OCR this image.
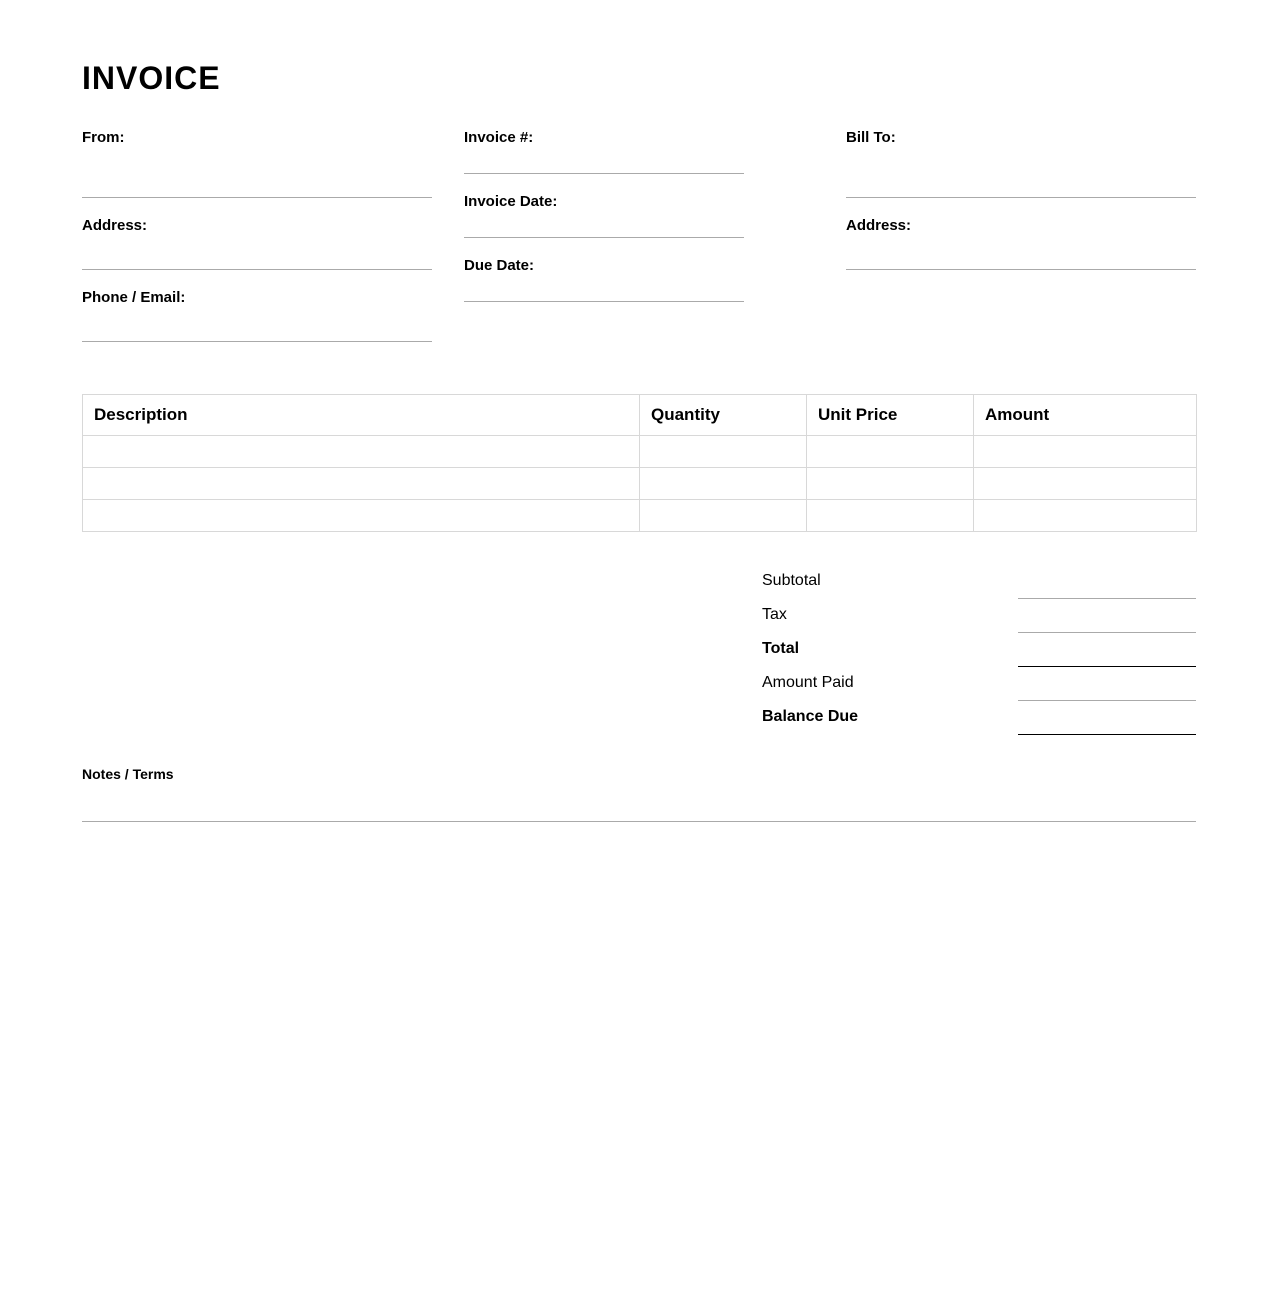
INVOICE
From:
Address:
Phone / Email:
Invoice #:
Invoice Date:
Due Date:
Bill To:
Address:
Description	Quantity	Unit Price	Amount

Subtotal
Tax
Total
Amount Paid
Balance Due
Notes / Terms
